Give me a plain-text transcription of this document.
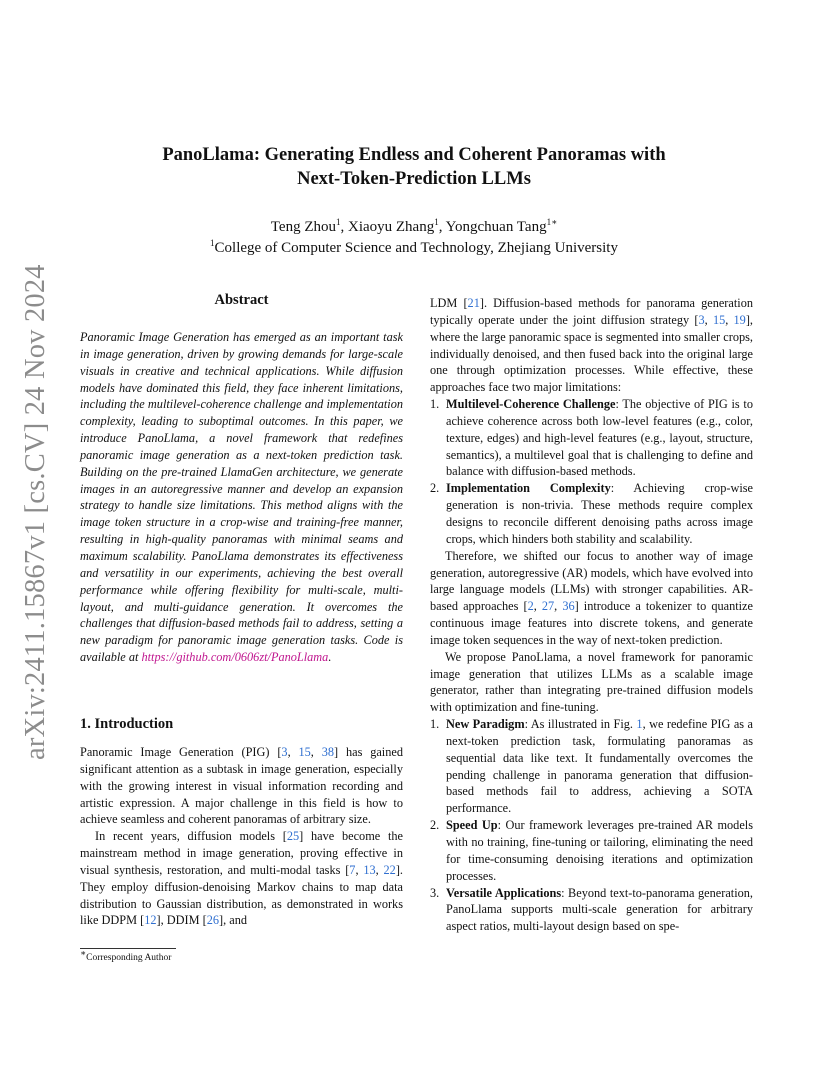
PanoLlama: Generating Endless and Coherent Panoramas with
Next-Token-Prediction LLMs
Teng Zhou$^1$, Xiaoyu Zhang$^1$, Yongchuan Tang$^{1∗}$
$^1$College of Computer Science and Technology, Zhejiang University
arXiv:2411.15867v1 [cs.CV] 24 Nov 2024	Abstract
Panoramic Image Generation has emerged as an important task in image generation, driven by growing demands for large-scale visuals in creative and technical applications. While diffusion models have dominated this field, they face inherent limitations, including the multilevel-coherence challenge and implementation complexity, leading to suboptimal outcomes. In this paper, we introduce PanoLlama, a novel framework that redefines panoramic image generation as a next-token prediction task. Building on the pre-trained LlamaGen architecture, we generate images in an autoregressive manner and develop an expansion strategy to handle size limitations. This method aligns with the image token structure in a crop-wise and training-free manner, resulting in high-quality panoramas with minimal seams and maximum scalability. PanoLlama demonstrates its effectiveness and versatility in our experiments, achieving the best overall performance while offering flexibility for multi-scale, multi-layout, and multi-guidance generation. It overcomes the challenges that diffusion-based methods fail to address, setting a new paradigm for panoramic image generation tasks. Code is available at https://github.com/0606zt/PanoLlama.
1. Introduction

Panoramic Image Generation (PIG) [3, 15, 38] has gained significant attention as a subtask in image generation, especially with the growing interest in visual information recording and artistic expression. A major challenge in this field is how to achieve seamless and coherent panoramas of arbitrary size.

In recent years, diffusion models [25] have become the mainstream method in image generation, proving effective in visual synthesis, restoration, and multi-modal tasks [7, 13, 22]. They employ diffusion-denoising Markov chains to map data distribution to Gaussian distribution, as demonstrated in works like DDPM [12], DDIM [26], and

∗Corresponding Author

LDM [21]. Diffusion-based methods for panorama generation typically operate under the joint diffusion strategy [3, 15, 19], where the large panoramic space is segmented into smaller crops, individually denoised, and then fused back into the original large one through optimization processes. While effective, these approaches face two major limitations:

1. Multilevel-Coherence Challenge: The objective of PIG is to achieve coherence across both low-level features (e.g., color, texture, edges) and high-level features (e.g., layout, structure, semantics), a multilevel goal that is challenging to define and balance with diffusion-based methods.
2. Implementation Complexity: Achieving crop-wise generation is non-trivia. These methods require complex designs to reconcile different denoising paths across image crops, which hinders both stability and scalability.

Therefore, we shifted our focus to another way of image generation, autoregressive (AR) models, which have evolved into large language models (LLMs) with stronger capabilities. AR-based approaches [2, 27, 36] introduce a tokenizer to quantize continuous image features into discrete tokens, and generate image token sequences in the way of next-token prediction.

We propose PanoLlama, a novel framework for panoramic image generation that utilizes LLMs as a scalable image generator, rather than integrating pre-trained diffusion models with optimization and fine-tuning.

1. New Paradigm: As illustrated in Fig. 1, we redefine PIG as a next-token prediction task, formulating panoramas as sequential data like text. It fundamentally overcomes the pending challenge in panorama generation that diffusion-based methods fail to address, achieving a SOTA performance.
2. Speed Up: Our framework leverages pre-trained AR models with no training, fine-tuning or tailoring, eliminating the need for time-consuming denoising iterations and optimization processes.
3. Versatile Applications: Beyond text-to-panorama generation, PanoLlama supports multi-scale generation for arbitrary aspect ratios, multi-layout design based on spe-
